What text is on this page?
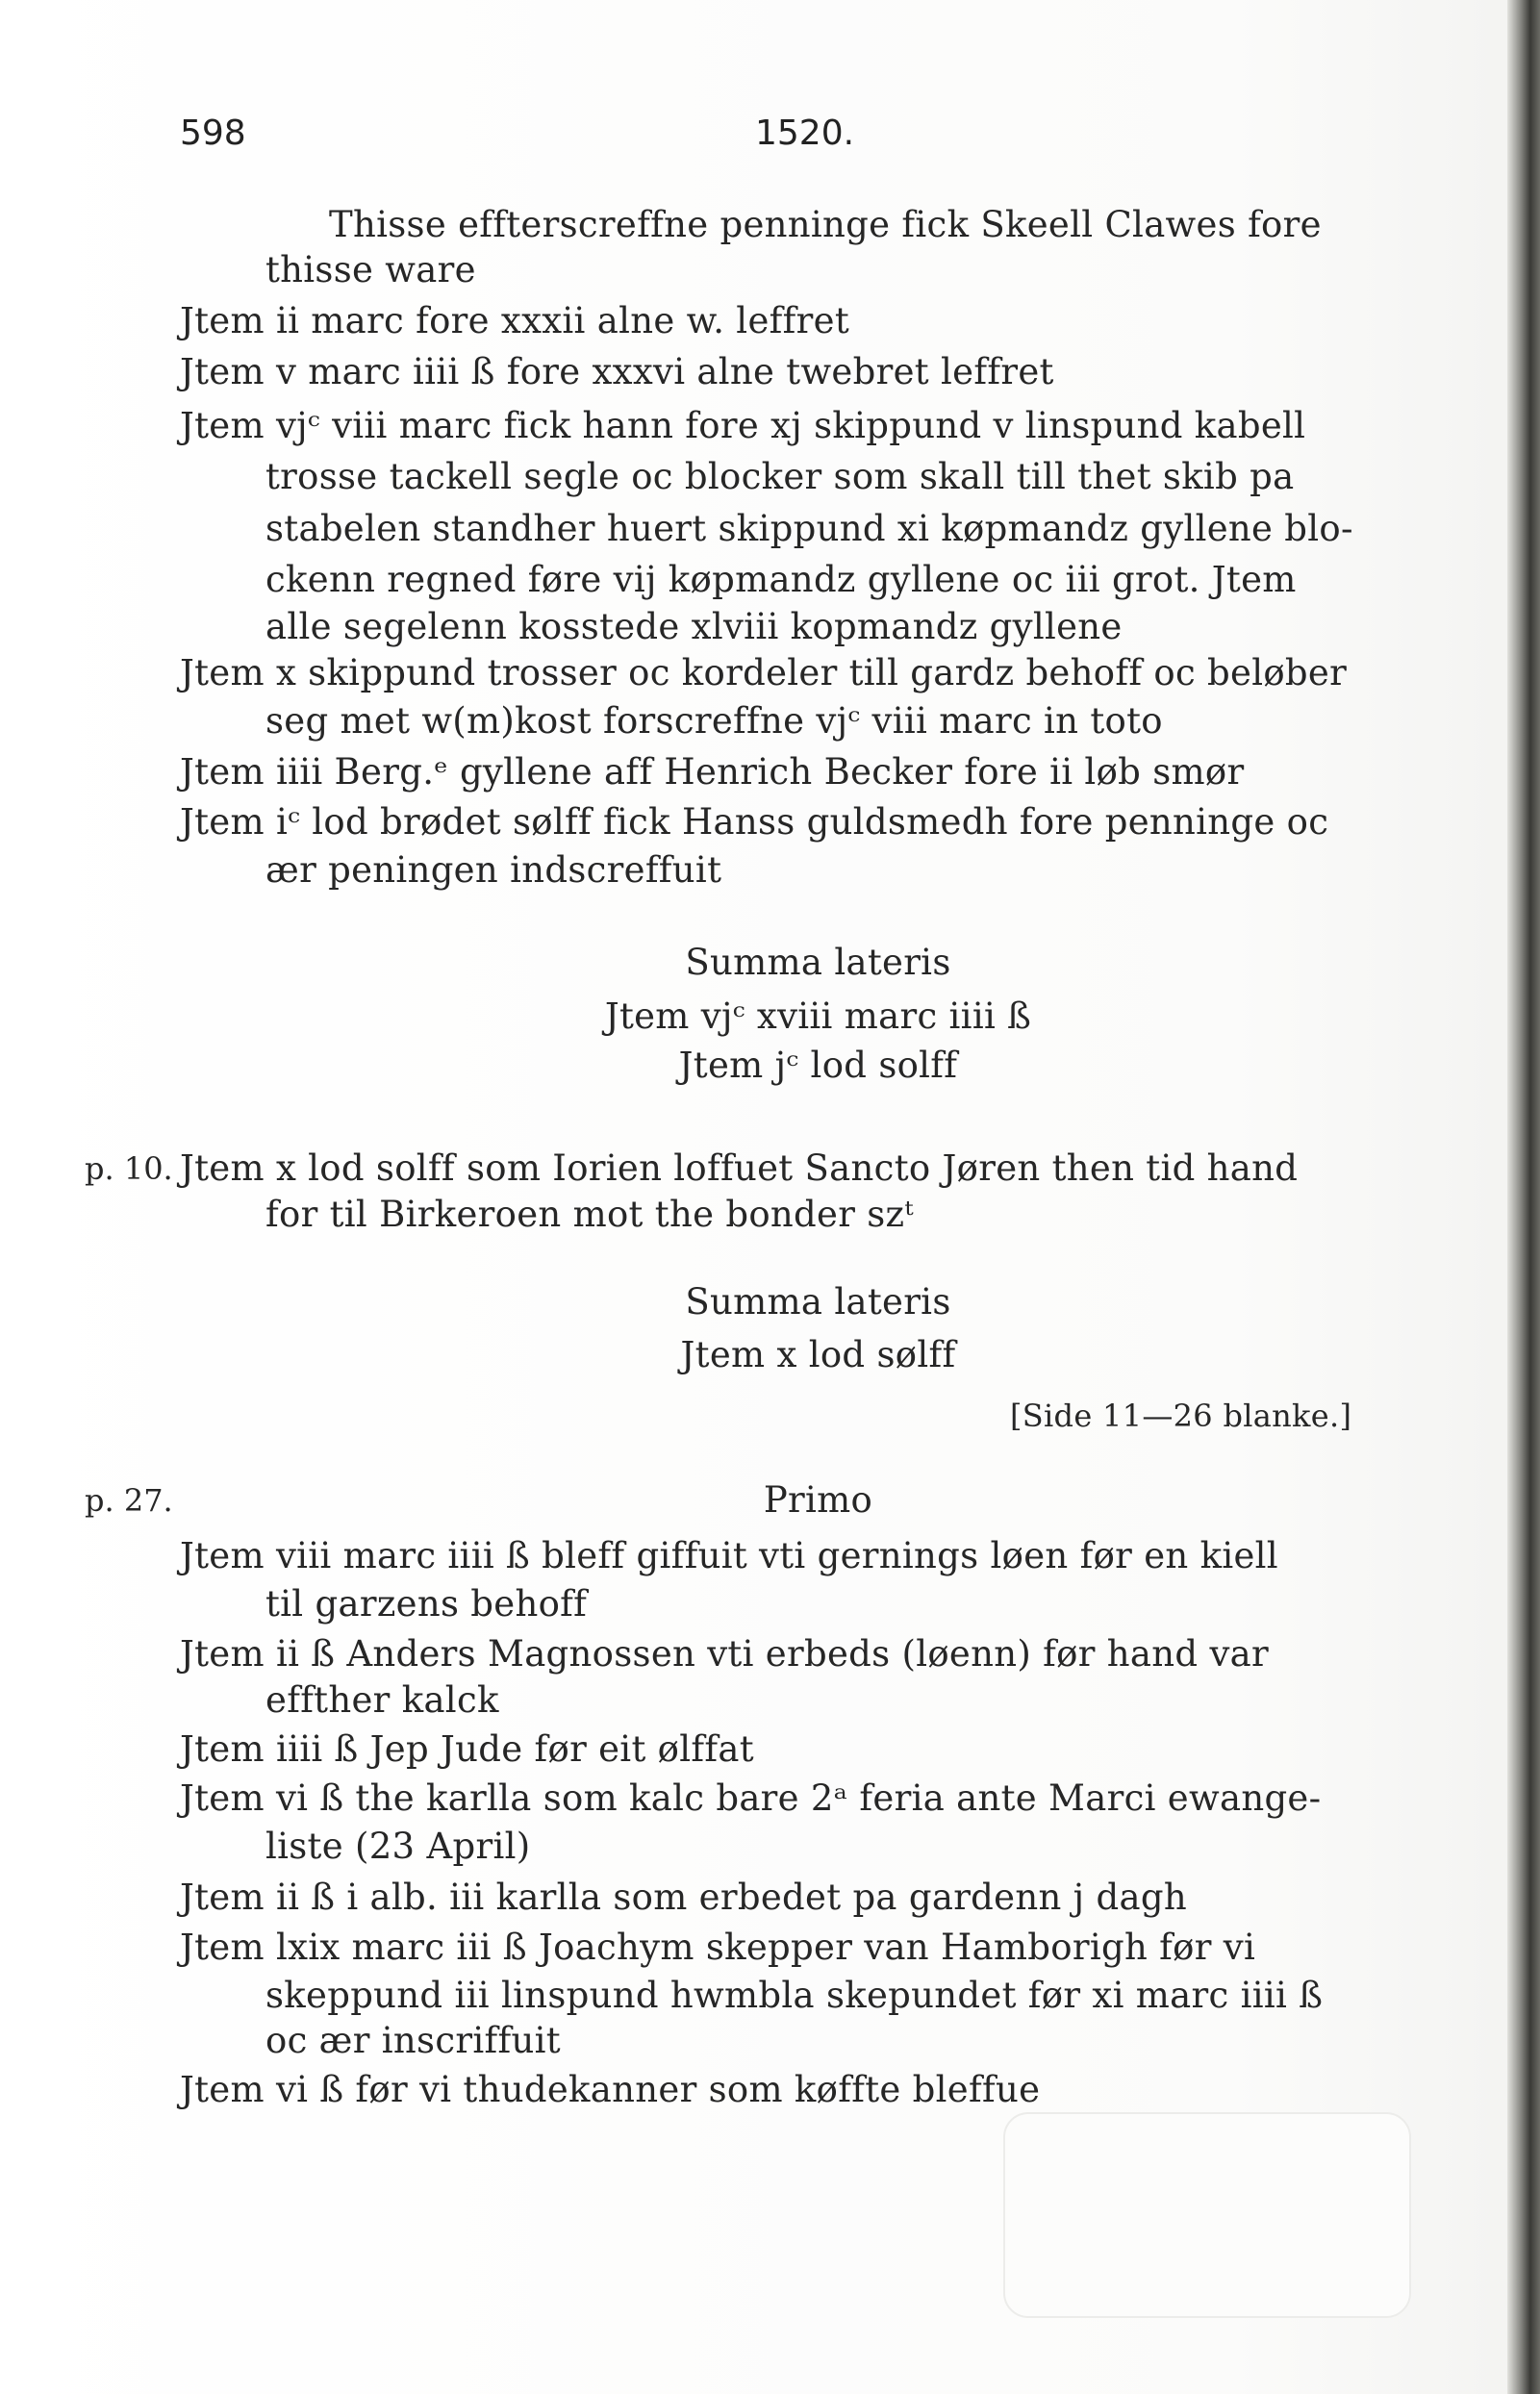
598	1520.
Thisse effterscreffne penninge fick Skeell Clawes fore
thisse ware
Jtem ii marc fore xxxii alne w. leffret
Jtem v marc iiii ß fore xxxvi alne twebret leffret
Jtem vjᶜ viii marc fick hann fore xj skippund v linspund kabell
trosse tackell segle oc blocker som skall till thet skib pa
stabelen standher huert skippund xi køpmandz gyllene blo-
ckenn regned føre vij køpmandz gyllene oc iii grot. Jtem
alle segelenn kosstede xlviii kopmandz gyllene
Jtem x skippund trosser oc kordeler till gardz behoff oc beløber
seg met w(m)kost forscreffne vjᶜ viii marc in toto
Jtem iiii Berg.ᵉ gyllene aff Henrich Becker fore ii løb smør
Jtem iᶜ lod brødet sølff fick Hanss guldsmedh fore penninge oc
ær peningen indscreffuit
Summa lateris
Jtem vjᶜ xviii marc iiii ß
Jtem jᶜ lod solff
p. 10. Jtem x lod solff som Iorien loffuet Sancto Jøren then tid hand
for til Birkeroen mot the bonder szᵗ
Summa lateris
Jtem x lod sølff
[Side 11—26 blanke.]
p. 27.	Primo
Jtem viii marc iiii ß bleff giffuit vti gernings løen før en kiell
til garzens behoff
Jtem ii ß Anders Magnossen vti erbeds (løenn) før hand var
effther kalck
Jtem iiii ß Jep Jude før eit ølffat
Jtem vi ß the karlla som kalc bare 2ᵃ feria ante Marci ewange-
liste (23 April)
Jtem ii ß i alb. iii karlla som erbedet pa gardenn j dagh
Jtem lxix marc iii ß Joachym skepper van Hamborigh før vi
skeppund iii linspund hwmbla skepundet før xi marc iiii ß
oc ær inscriffuit
Jtem vi ß før vi thudekanner som køffte bleffue
